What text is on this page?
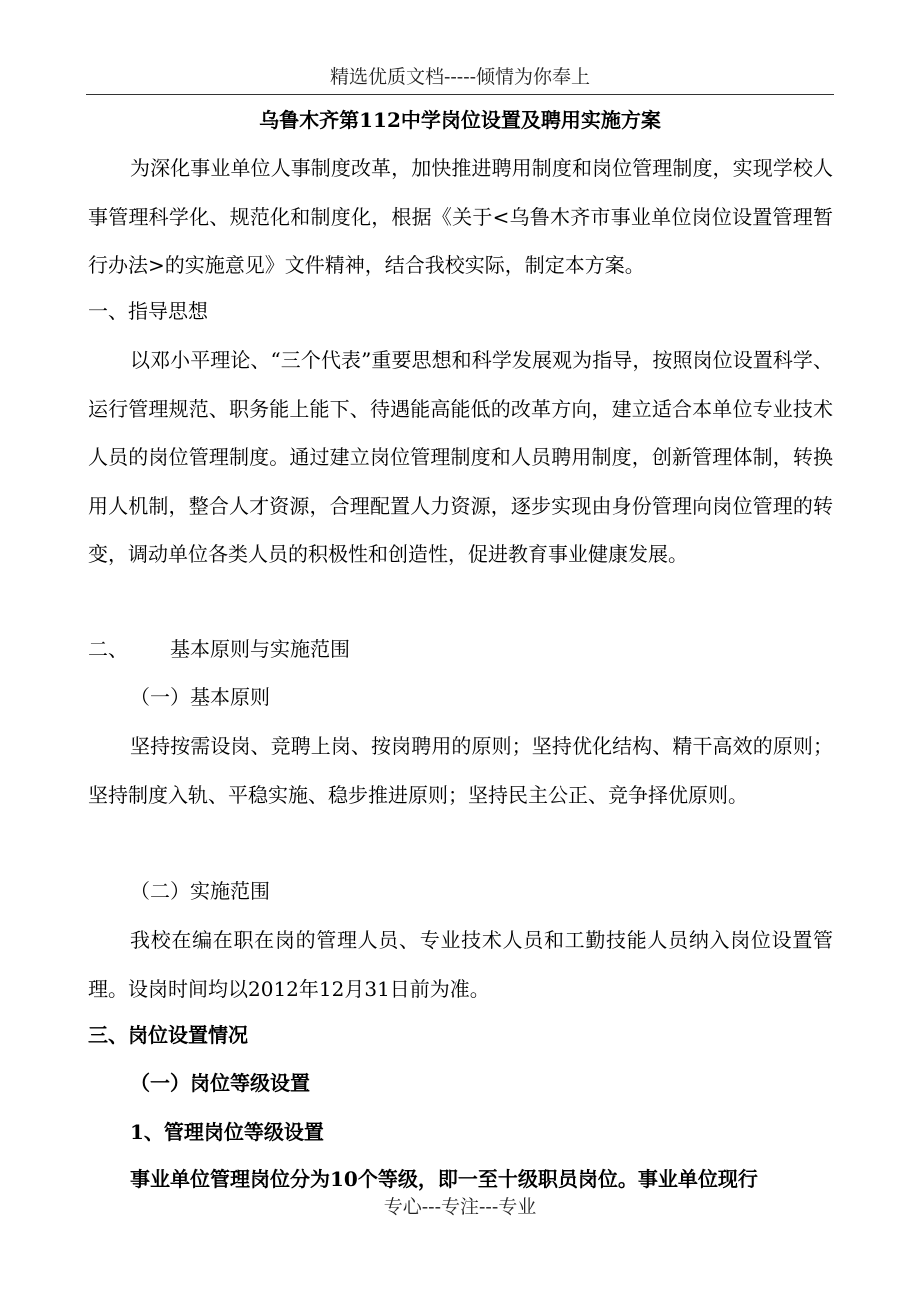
精选优质文档-----倾情为你奉上
乌鲁木齐第112中学岗位设置及聘用实施方案

为深化事业单位人事制度改革，加快推进聘用制度和岗位管理制度，实现学校人事管理科学化、规范化和制度化，根据《关于<乌鲁木齐市事业单位岗位设置管理暂行办法>的实施意见》文件精神，结合我校实际，制定本方案。

一、指导思想

以邓小平理论、“三个代表”重要思想和科学发展观为指导，按照岗位设置科学、运行管理规范、职务能上能下、待遇能高能低的改革方向，建立适合本单位专业技术人员的岗位管理制度。通过建立岗位管理制度和人员聘用制度，创新管理体制，转换用人机制，整合人才资源，合理配置人力资源，逐步实现由身份管理向岗位管理的转变，调动单位各类人员的积极性和创造性，促进教育事业健康发展。

二、 基本原则与实施范围
（一）基本原则

坚持按需设岗、竞聘上岗、按岗聘用的原则；坚持优化结构、精干高效的原则；坚持制度入轨、平稳实施、稳步推进原则；坚持民主公正、竞争择优原则。

（二）实施范围

我校在编在职在岗的管理人员、专业技术人员和工勤技能人员纳入岗位设置管理。设岗时间均以2012年12月31日前为准。

三、岗位设置情况
（一）岗位等级设置
1、管理岗位等级设置
事业单位管理岗位分为10个等级，即一至十级职员岗位。事业单位现行
专心---专注---专业
